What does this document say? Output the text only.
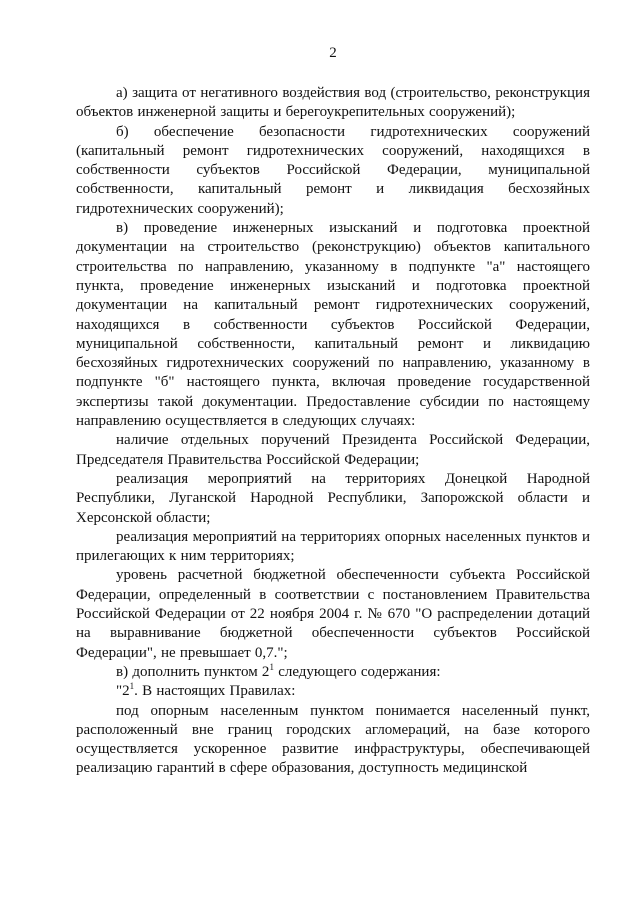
2

а) защита от негативного воздействия вод (строительство, реконструкция объектов инженерной защиты и берегоукрепительных сооружений);

б) обеспечение безопасности гидротехнических сооружений (капитальный ремонт гидротехнических сооружений, находящихся в собственности субъектов Российской Федерации, муниципальной собственности, капитальный ремонт и ликвидация бесхозяйных гидротехнических сооружений);

в) проведение инженерных изысканий и подготовка проектной документации на строительство (реконструкцию) объектов капитального строительства по направлению, указанному в подпункте "а" настоящего пункта, проведение инженерных изысканий и подготовка проектной документации на капитальный ремонт гидротехнических сооружений, находящихся в собственности субъектов Российской Федерации, муниципальной собственности, капитальный ремонт и ликвидацию бесхозяйных гидротехнических сооружений по направлению, указанному в подпункте "б" настоящего пункта, включая проведение государственной экспертизы такой документации. Предоставление субсидии по настоящему направлению осуществляется в следующих случаях:

наличие отдельных поручений Президента Российской Федерации, Председателя Правительства Российской Федерации;

реализация мероприятий на территориях Донецкой Народной Республики, Луганской Народной Республики, Запорожской области и Херсонской области;

реализация мероприятий на территориях опорных населенных пунктов и прилегающих к ним территориях;

уровень расчетной бюджетной обеспеченности субъекта Российской Федерации, определенный в соответствии с постановлением Правительства Российской Федерации от 22 ноября 2004 г. № 670 "О распределении дотаций на выравнивание бюджетной обеспеченности субъектов Российской Федерации", не превышает 0,7.";

в) дополнить пунктом $2^1$ следующего содержания:

"$2^1$. В настоящих Правилах:

под опорным населенным пунктом понимается населенный пункт, расположенный вне границ городских агломераций, на базе которого осуществляется ускоренное развитие инфраструктуры, обеспечивающей реализацию гарантий в сфере образования, доступность медицинской
